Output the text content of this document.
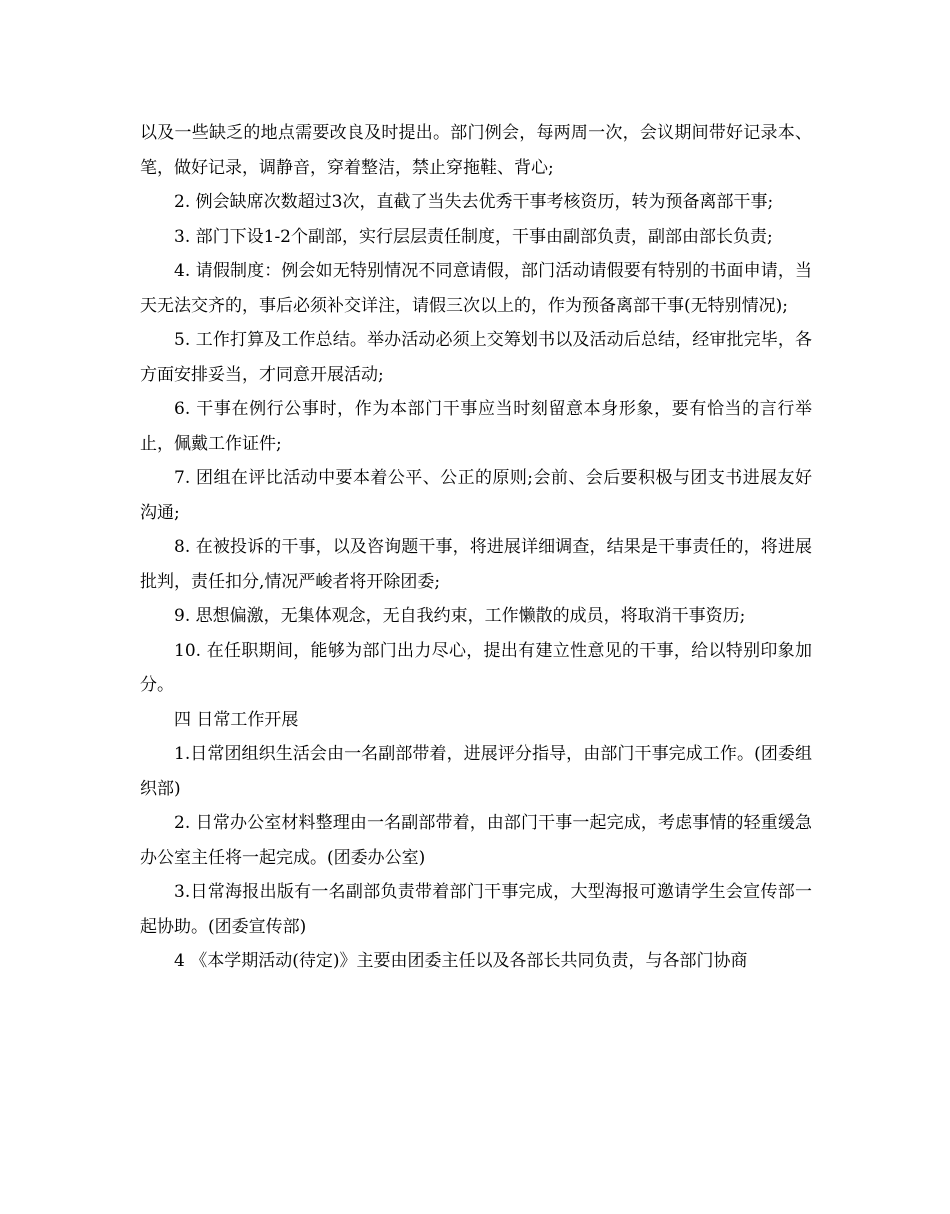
以及一些缺乏的地点需要改良及时提出。部门例会，每两周一次，会议期间带好记录本、笔，做好记录，调静音，穿着整洁，禁止穿拖鞋、背心;

2. 例会缺席次数超过3次，直截了当失去优秀干事考核资历，转为预备离部干事;

3. 部门下设1-2个副部，实行层层责任制度，干事由副部负责，副部由部长负责;

4. 请假制度：例会如无特别情况不同意请假，部门活动请假要有特别的书面申请，当天无法交齐的，事后必须补交详注，请假三次以上的，作为预备离部干事(无特别情况);

5. 工作打算及工作总结。举办活动必须上交筹划书以及活动后总结，经审批完毕，各方面安排妥当，才同意开展活动;

6. 干事在例行公事时，作为本部门干事应当时刻留意本身形象，要有恰当的言行举止，佩戴工作证件;

7. 团组在评比活动中要本着公平、公正的原则;会前、会后要积极与团支书进展友好沟通;

8. 在被投诉的干事，以及咨询题干事，将进展详细调查，结果是干事责任的，将进展批判，责任扣分,情况严峻者将开除团委;

9. 思想偏激，无集体观念，无自我约束，工作懒散的成员，将取消干事资历;

10. 在任职期间，能够为部门出力尽心，提出有建立性意见的干事，给以特别印象加分。

四 日常工作开展

1.日常团组织生活会由一名副部带着，进展评分指导，由部门干事完成工作。(团委组织部)

2. 日常办公室材料整理由一名副部带着，由部门干事一起完成，考虑事情的轻重缓急办公室主任将一起完成。(团委办公室)

3.日常海报出版有一名副部负责带着部门干事完成，大型海报可邀请学生会宣传部一起协助。(团委宣传部)

4 《本学期活动(待定)》主要由团委主任以及各部长共同负责，与各部门协商
